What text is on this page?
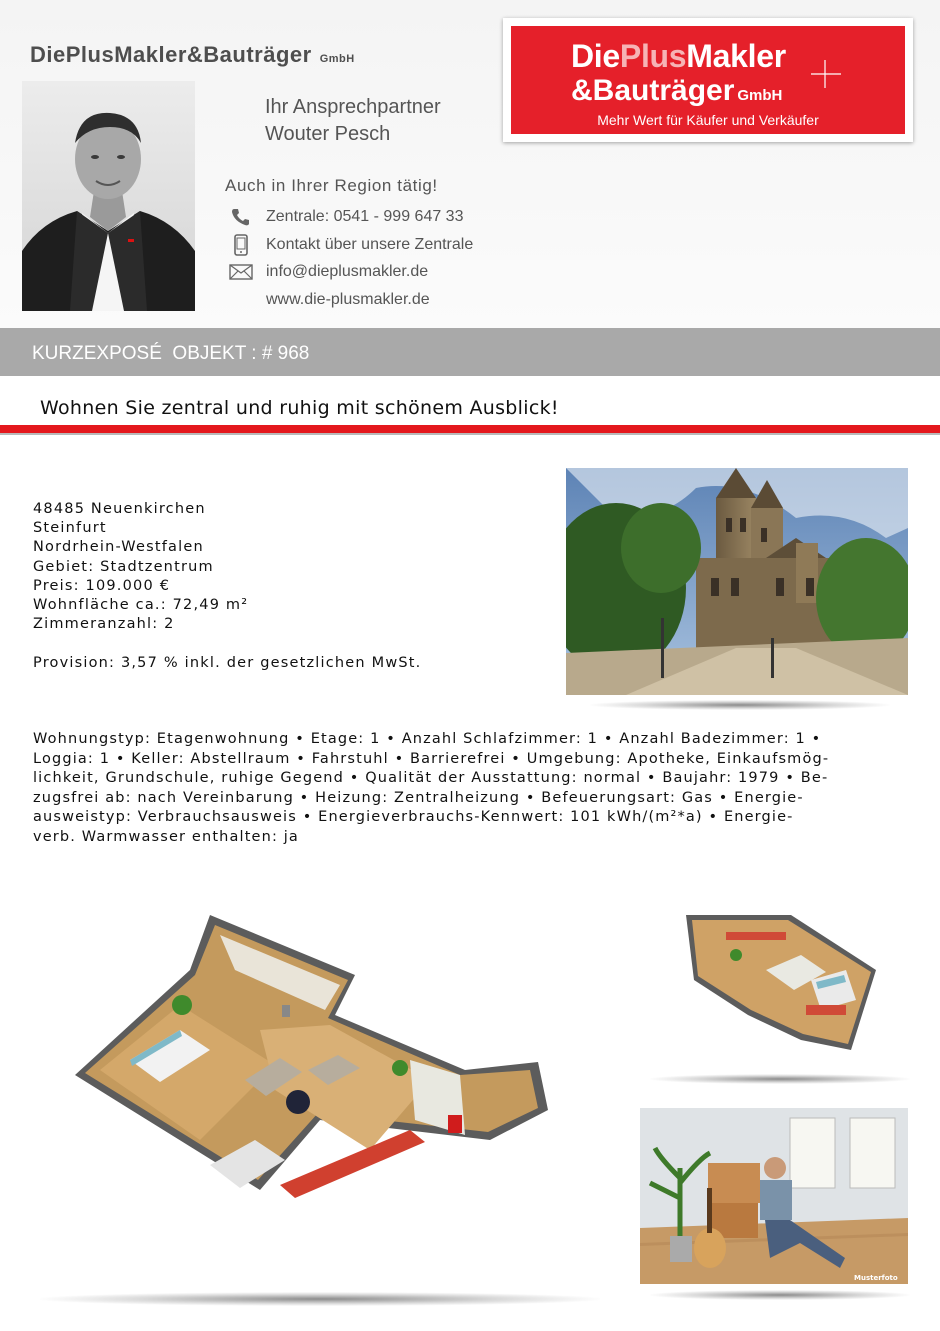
DiePlusMakler&Bauträger GmbH
Ihr Ansprechpartner
Wouter Pesch
Auch in Ihrer Region tätig!
Zentrale: 0541 - 999 647 33
Kontakt über unsere Zentrale
info@dieplusmakler.de
www.die-plusmakler.de
DiePlusMakler
&Bauträger GmbH
Mehr Wert für Käufer und Verkäufer
KURZEXPOSÉ  OBJEKT : # 968
Wohnen Sie zentral und ruhig mit schönem Ausblick!
48485 Neuenkirchen
Steinfurt
Nordrhein-Westfalen
Gebiet: Stadtzentrum
Preis: 109.000 €
Wohnfläche ca.: 72,49 m²
Zimmeranzahl: 2
Provision: 3,57 % inkl. der gesetzlichen MwSt.
Wohnungstyp: Etagenwohnung • Etage: 1 • Anzahl Schlafzimmer: 1 • Anzahl Badezimmer: 1 •
Loggia: 1 • Keller: Abstellraum • Fahrstuhl • Barrierefrei • Umgebung: Apotheke, Einkaufsmög-
lichkeit, Grundschule, ruhige Gegend • Qualität der Ausstattung: normal • Baujahr: 1979 • Be-
zugsfrei ab: nach Vereinbarung • Heizung: Zentralheizung • Befeuerungsart: Gas • Energie-
ausweistyp: Verbrauchsausweis • Energieverbrauchs-Kennwert: 101 kWh/(m²*a) • Energie-
verb. Warmwasser enthalten: ja
Musterfoto
